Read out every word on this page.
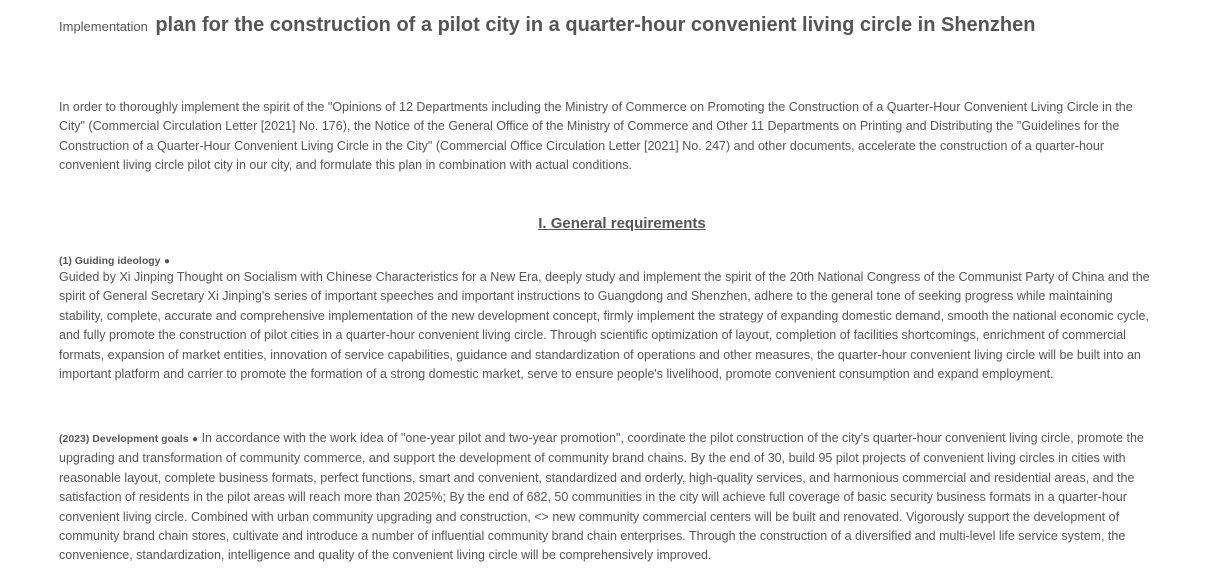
Implementation plan for the construction of a pilot city in a quarter-hour convenient living circle in Shenzhen

In order to thoroughly implement the spirit of the "Opinions of 12 Departments including the Ministry of Commerce on Promoting the Construction of a Quarter-Hour Convenient Living Circle in the City" (Commercial Circulation Letter [2021] No. 176), the Notice of the General Office of the Ministry of Commerce and Other 11 Departments on Printing and Distributing the "Guidelines for the Construction of a Quarter-Hour Convenient Living Circle in the City" (Commercial Office Circulation Letter [2021] No. 247) and other documents, accelerate the construction of a quarter-hour convenient living circle pilot city in our city, and formulate this plan in combination with actual conditions.

I. General requirements

(1) Guiding ideology ●

Guided by Xi Jinping Thought on Socialism with Chinese Characteristics for a New Era, deeply study and implement the spirit of the 20th National Congress of the Communist Party of China and the spirit of General Secretary Xi Jinping's series of important speeches and important instructions to Guangdong and Shenzhen, adhere to the general tone of seeking progress while maintaining stability, complete, accurate and comprehensive implementation of the new development concept, firmly implement the strategy of expanding domestic demand, smooth the national economic cycle, and fully promote the construction of pilot cities in a quarter-hour convenient living circle. Through scientific optimization of layout, completion of facilities shortcomings, enrichment of commercial formats, expansion of market entities, innovation of service capabilities, guidance and standardization of operations and other measures, the quarter-hour convenient living circle will be built into an important platform and carrier to promote the formation of a strong domestic market, serve to ensure people's livelihood, promote convenient consumption and expand employment.

(2023) Development goals ● In accordance with the work idea of "one-year pilot and two-year promotion", coordinate the pilot construction of the city's quarter-hour convenient living circle, promote the upgrading and transformation of community commerce, and support the development of community brand chains. By the end of 30, build 95 pilot projects of convenient living circles in cities with reasonable layout, complete business formats, perfect functions, smart and convenient, standardized and orderly, high-quality services, and harmonious commercial and residential areas, and the satisfaction of residents in the pilot areas will reach more than 2025%; By the end of 682, 50 communities in the city will achieve full coverage of basic security business formats in a quarter-hour convenient living circle. Combined with urban community upgrading and construction, <> new community commercial centers will be built and renovated. Vigorously support the development of community brand chain stores, cultivate and introduce a number of influential community brand chain enterprises. Through the construction of a diversified and multi-level life service system, the convenience, standardization, intelligence and quality of the convenient living circle will be comprehensively improved.
